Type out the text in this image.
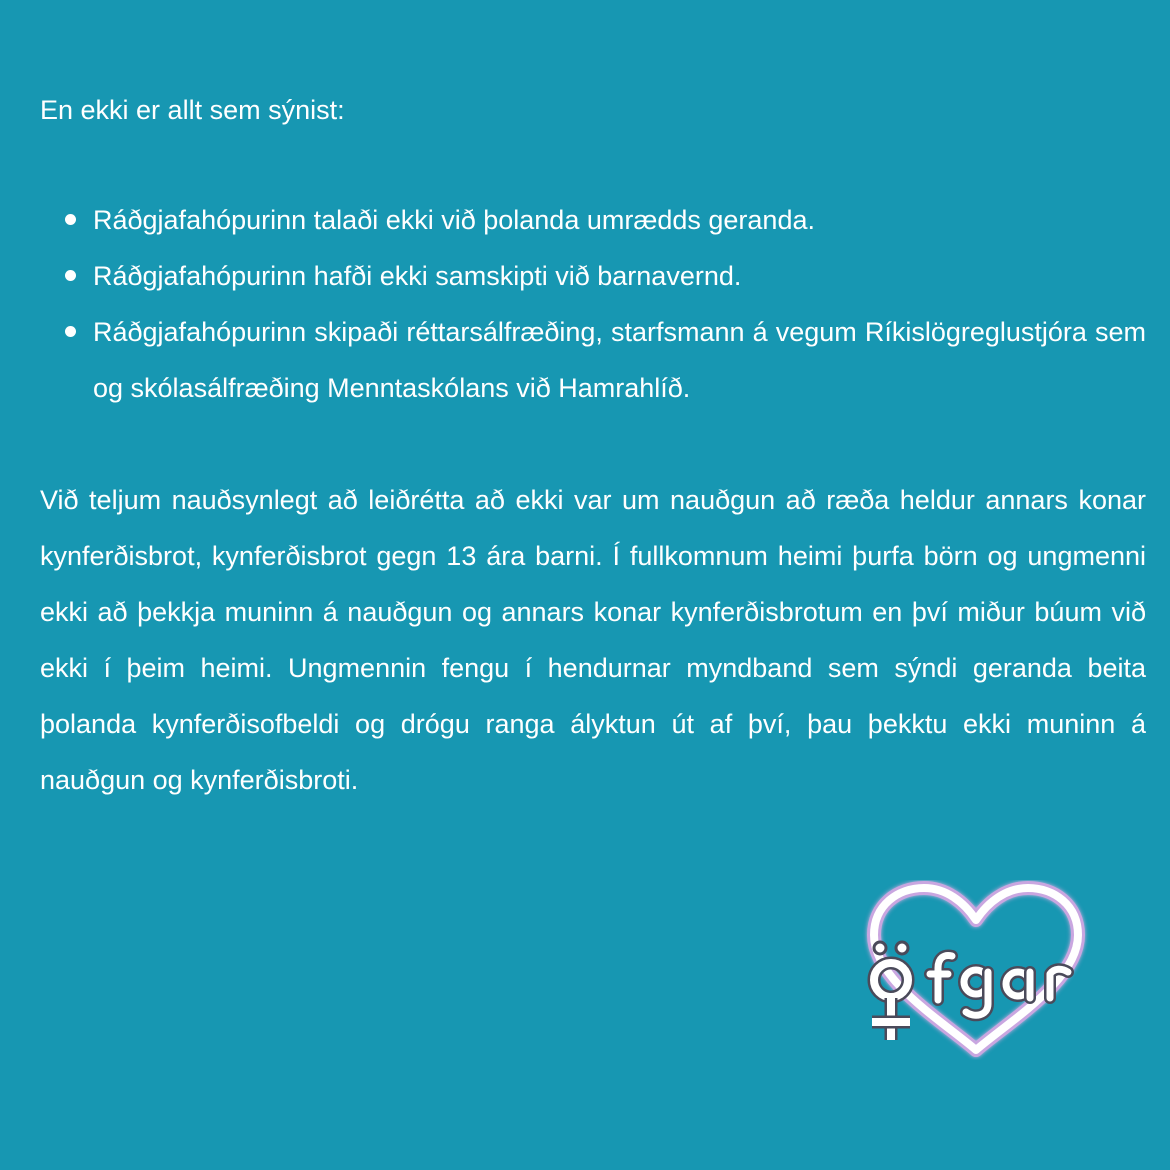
En ekki er allt sem sýnist:

Ráðgjafahópurinn talaði ekki við þolanda umrædds geranda.
Ráðgjafahópurinn hafði ekki samskipti við barnavernd.
Ráðgjafahópurinn skipaði réttarsálfræðing, starfsmann á vegum Ríkislögreglustjóra sem og skólasálfræðing Menntaskólans við Hamrahlíð.

Við teljum nauðsynlegt að leiðrétta að ekki var um nauðgun að ræða heldur annars konar kynferðisbrot, kynferðisbrot gegn 13 ára barni. Í fullkomnum heimi þurfa börn og ungmenni ekki að þekkja muninn á nauðgun og annars konar kynferðisbrotum en því miður búum við ekki í þeim heimi. Ungmennin fengu í hendurnar myndband sem sýndi geranda beita þolanda kynferðisofbeldi og drógu ranga ályktun út af því, þau þekktu ekki muninn á nauðgun og kynferðisbroti.
